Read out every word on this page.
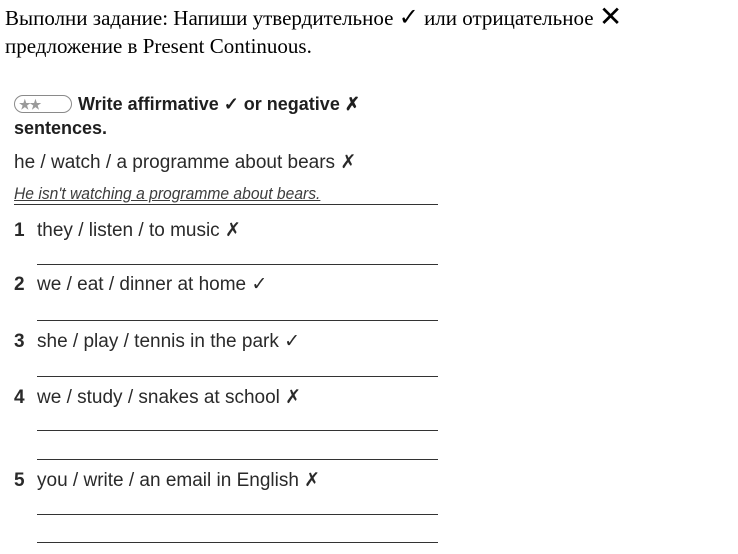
Выполни задание: Напиши утвердительное ✓ или отрицательное ✕
предложение в Present Continuous.
★★ Write affirmative ✓ or negative ✗ sentences.
he / watch / a programme about bears ✗
He isn't watching a programme about bears.
1 they / listen / to music ✗
2 we / eat / dinner at home ✓
3 she / play / tennis in the park ✓
4 we / study / snakes at school ✗
5 you / write / an email in English ✗
